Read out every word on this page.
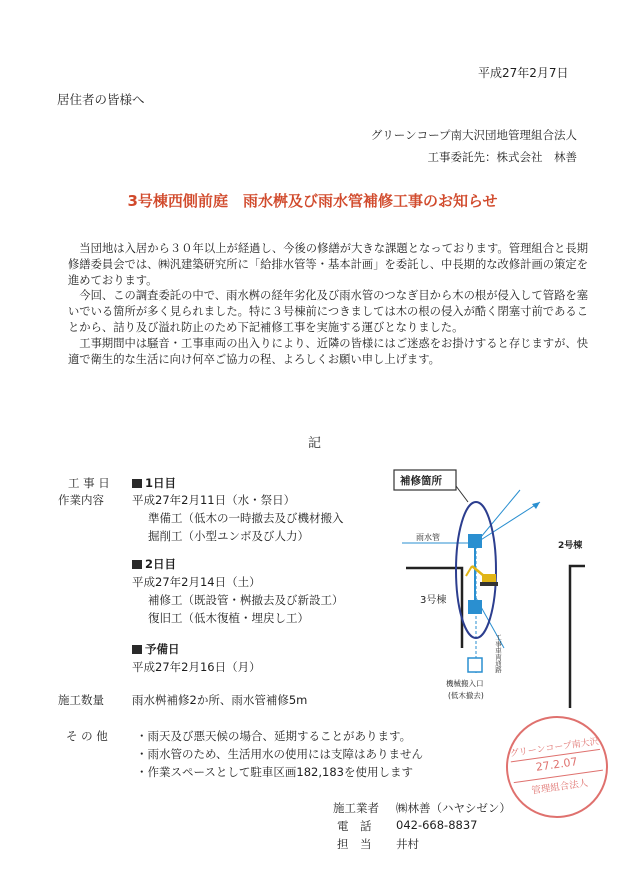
平成27年2月7日
居住者の皆様へ
グリーンコープ南大沢団地管理組合法人
工事委託先：株式会社　林善
3号棟西側前庭　雨水桝及び雨水管補修工事のお知らせ

当団地は入居から３０年以上が経過し、今後の修繕が大きな課題となっております。管理組合と長期修繕委員会では、㈱汎建築研究所に「給排水管等・基本計画」を委託し、中長期的な改修計画の策定を進めております。

今回、この調査委託の中で、雨水桝の経年劣化及び雨水管のつなぎ目から木の根が侵入して管路を塞いでいる箇所が多く見られました。特に３号棟前につきましては木の根の侵入が酷く閉塞寸前であることから、詰り及び溢れ防止のため下記補修工事を実施する運びとなりました。

工事期間中は騒音・工事車両の出入りにより、近隣の皆様にはご迷惑をお掛けすると存じますが、快適で衛生的な生活に向け何卒ご協力の程、よろしくお願い申し上げます。

記
工 事 日
作業内容
1日目
平成27年2月11日（水・祭日）
準備工（低木の一時撤去及び機材搬入
掘削工（小型ユンボ及び人力）
2日目
平成27年2月14日（土）
補修工（既設管・桝撤去及び新設工）
復旧工（低木復植・埋戻し工）
予備日
平成27年2月16日（月）
施工数量 雨水桝補修2か所、雨水管補修5m
そ の 他 ・雨天及び悪天候の場合、延期することがあります。
・雨水管のため、生活用水の使用には支障はありません
・作業スペースとして駐車区画182,183を使用します
施工業者 ㈱林善（ハヤシゼン）
電　話 042-668-8837
担　当 井村
補修箇所
3号棟
2号棟
雨水管
機械搬入口
(低木撤去)
工事車両通路
グリーンコープ南大沢
27.2.07
管理組合法人
